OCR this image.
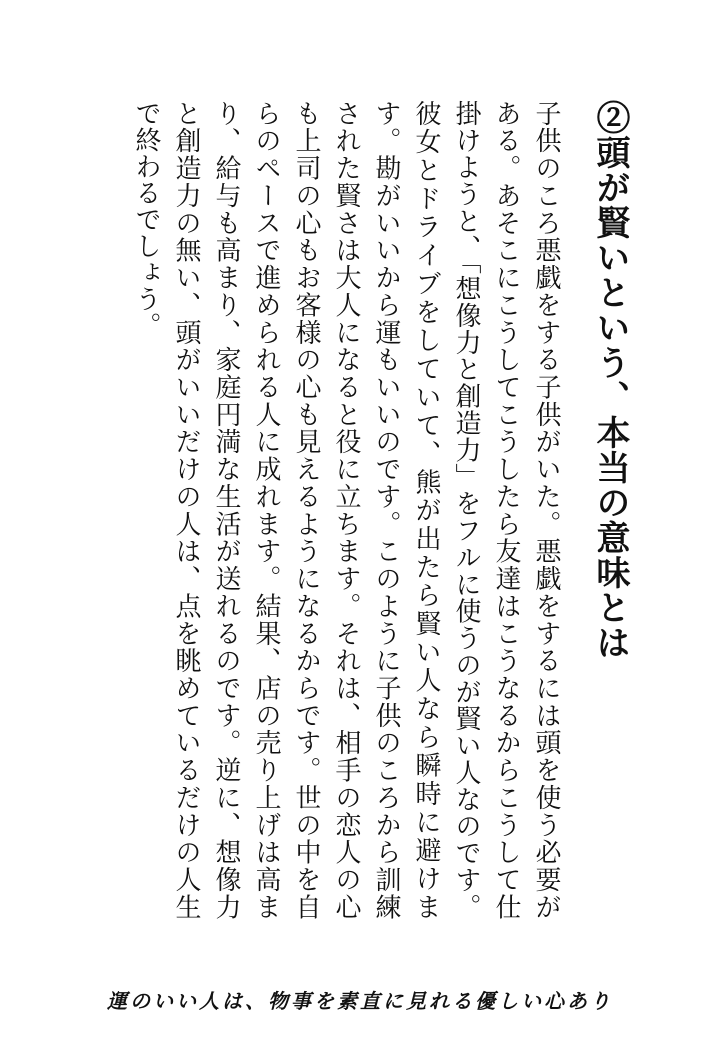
②頭が賢いという、本当の意味とは
子供のころ悪戯をする子供がいた。悪戯をするには頭を使う必要がある。あそこにこうしてこうしたら友達はこうなるからこうして仕掛けようと、「想像力と創造力」をフルに使うのが賢い人なのです。彼女とドライブをしていて、熊が出たら賢い人なら瞬時に避けます。勘がいいから運もいいのです。このように子供のころから訓練された賢さは大人になると役に立ちます。それは、相手の恋人の心も上司の心もお客様の心も見えるようになるからです。世の中を自らのペースで進められる人に成れます。結果、店の売り上げは高まり、給与も高まり、家庭円満な生活が送れるのです。逆に、想像力と創造力の無い、頭がいいだけの人は、点を眺めているだけの人生で終わるでしょう。
運のいい人は、物事を素直に見れる優しい心あり
